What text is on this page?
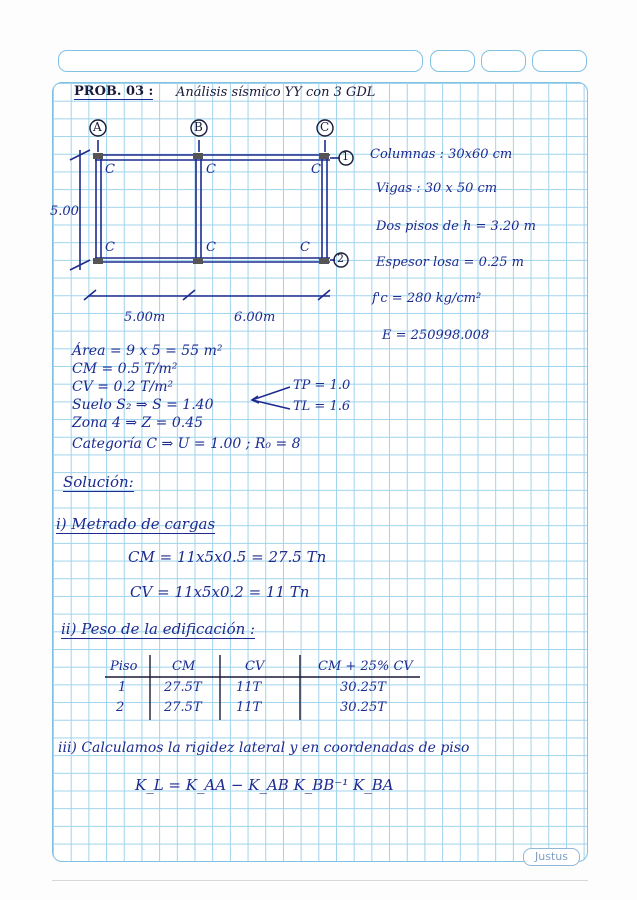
A	B	C
1
2
C	C	C
C	C	C
5.00
5.00m	6.00m
PROB. 03 : Análisis sísmico YY con 3 GDL
Columnas : 30x60 cm
Vigas : 30 x 50 cm
Dos pisos de h = 3.20 m
Espesor losa = 0.25 m
f'c = 280 kg/cm²
E = 250998.008
Área = 9 x 5 = 55 m²
CM = 0.5 T/m²
CV = 0.2 T/m²
Suelo S₂ ⇒ S = 1.40
Zona 4 ⇒ Z = 0.45
Categoría C ⇒ U = 1.00 ; R₀ = 8
TP = 1.0
TL = 1.6
Solución:
i) Metrado de cargas
CM = 11x5x0.5 = 27.5 Tn
CV = 11x5x0.2 = 11 Tn
ii) Peso de la edificación :
Piso	CM	CV	CM + 25% CV
1	27.5T	11T	30.25T
2	27.5T	11T	30.25T
iii) Calculamos la rigidez lateral y en coordenadas de piso
K_L = K_AA − K_AB K_BB⁻¹ K_BA
Justus
